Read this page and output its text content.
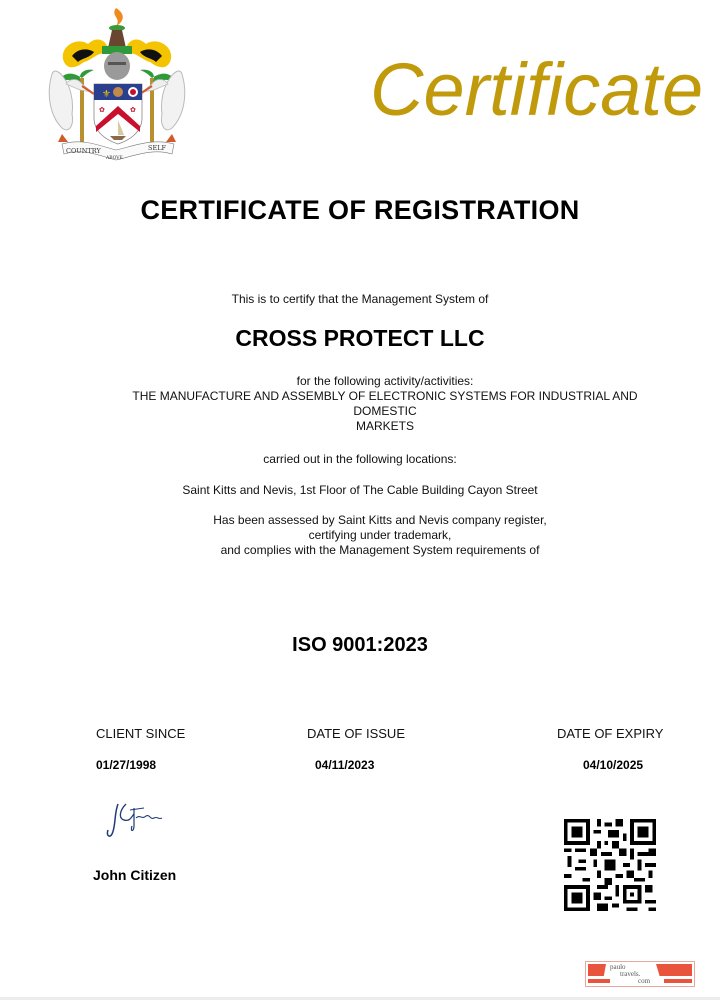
⚜
✿	✿
COUNTRY
ABOVE
SELF
Certificate
CERTIFICATE OF REGISTRATION
This is to certify that the Management System of
CROSS PROTECT LLC
for the following activity/activities:
THE MANUFACTURE AND ASSEMBLY OF ELECTRONIC SYSTEMS FOR INDUSTRIAL AND
DOMESTIC
MARKETS
carried out in the following locations:
Saint Kitts and Nevis, 1st Floor of The Cable Building Cayon Street
Has been assessed by Saint Kitts and Nevis company register,
certifying under trademark,
and complies with the Management System requirements of
ISO 9001:2023
CLIENT SINCE	DATE OF ISSUE	DATE OF EXPIRY
01/27/1998	04/11/2023	04/10/2025
John Citizen
paulo
travels.
com
